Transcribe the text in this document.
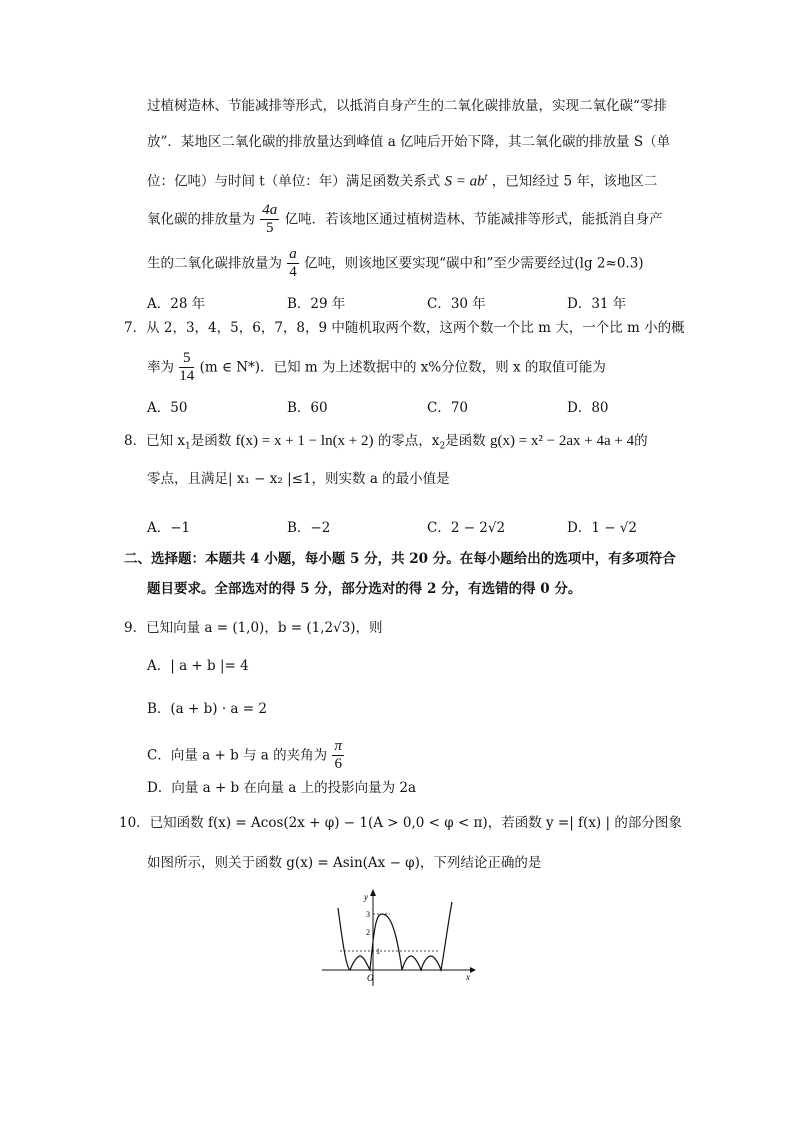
过植树造林、节能减排等形式，以抵消自身产生的二氧化碳排放量，实现二氧化碳“零排
放”．某地区二氧化碳的排放量达到峰值 a 亿吨后开始下降，其二氧化碳的排放量 S（单
位：亿吨）与时间 t（单位：年）满足函数关系式 $S = ab^t$ ，已知经过 5 年，该地区二
氧化碳的排放量为 $\frac{4a}{5}$ 亿吨．若该地区通过植树造林、节能减排等形式，能抵消自身产
生的二氧化碳排放量为 $\frac{a}{4}$ 亿吨，则该地区要实现“碳中和”至少需要经过(lg 2≈0.3)
A．28 年	B．29 年	C．30 年	D．31 年
7．从 2，3，4，5，6，7，8，9 中随机取两个数，这两个数一个比 m 大，一个比 m 小的概
率为 $\frac{5}{14} (m$ ∈ N*)．已知 m 为上述数据中的 x%分位数，则 x 的取值可能为
A．50	B．60	C．70	D．80
8．已知 $x_1$是函数 f(x) = x + 1 − ln(x + 2) 的零点，$x_2$是函数 g(x) = x² − 2ax + 4a + 4的
零点，且满足| x₁ − x₂ |≤1，则实数 a 的最小值是
A．−1	B．−2	C．2 − 2√2	D．1 − √2
二、选择题：本题共 4 小题，每小题 5 分，共 20 分。在每小题给出的选项中，有多项符合
题目要求。全部选对的得 5 分，部分选对的得 2 分，有选错的得 0 分。
9．已知向量 a = (1,0)，b = (1,2√3)，则
A．| a + b |= 4
B．(a + b) · a = 2
C．向量 a + b 与 a 的夹角为 $\frac{\pi}{6}$
D．向量 a + b 在向量 a 上的投影向量为 2a
10．已知函数 f(x) = Acos(2x + φ) − 1(A > 0,0 < φ < π)，若函数 y =| f(x) | 的部分图象
如图所示，则关于函数 g(x) = Asin(Ax − φ)，下列结论正确的是
y
x
O
3
2
1
